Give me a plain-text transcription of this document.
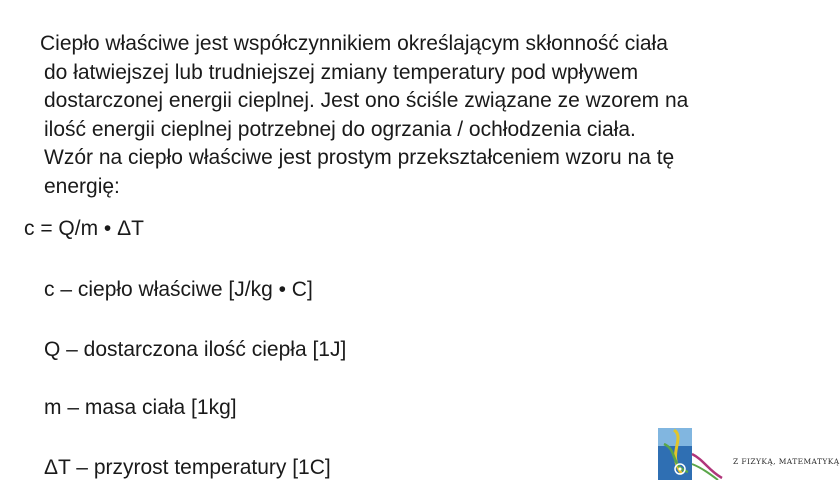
Ciepło właściwe jest współczynnikiem określającym skłonność ciała
do łatwiejszej lub trudniejszej zmiany temperatury pod wpływem
dostarczonej energii cieplnej. Jest ono ściśle związane ze wzorem na
ilość energii cieplnej potrzebnej do ogrzania / ochłodzenia ciała.
Wzór na ciepło właściwe jest prostym przekształceniem wzoru na tę
energię:

c = Q/m • ΔT

c – ciepło właściwe [J/kg • C]
Q – dostarczona ilość ciepła [1J]
m – masa ciała [1kg]
ΔT – przyrost temperatury [1C]	Z FIZYKĄ, MATEMATYKĄ
